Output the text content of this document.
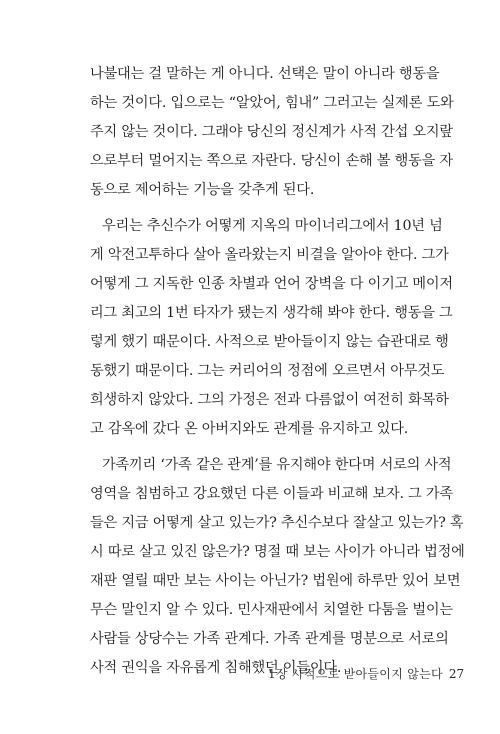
나불대는 걸 말하는 게 아니다. 선택은 말이 아니라 행동을
하는 것이다. 입으로는 “알았어, 힘내” 그러고는 실제론 도와
주지 않는 것이다. 그래야 당신의 정신계가 사적 간섭 오지랖
으로부터 멀어지는 쪽으로 자란다. 당신이 손해 볼 행동을 자
동으로 제어하는 기능을 갖추게 된다.
우리는 추신수가 어떻게 지옥의 마이너리그에서 10년 넘
게 악전고투하다 살아 올라왔는지 비결을 알아야 한다. 그가
어떻게 그 지독한 인종 차별과 언어 장벽을 다 이기고 메이저
리그 최고의 1번 타자가 됐는지 생각해 봐야 한다. 행동을 그
렇게 했기 때문이다. 사적으로 받아들이지 않는 습관대로 행
동했기 때문이다. 그는 커리어의 정점에 오르면서 아무것도
희생하지 않았다. 그의 가정은 전과 다름없이 여전히 화목하
고 감옥에 갔다 온 아버지와도 관계를 유지하고 있다.
가족끼리 ‘가족 같은 관계’를 유지해야 한다며 서로의 사적
영역을 침범하고 강요했던 다른 이들과 비교해 보자. 그 가족
들은 지금 어떻게 살고 있는가? 추신수보다 잘살고 있는가? 혹
시 따로 살고 있진 않은가? 명절 때 보는 사이가 아니라 법정에
재판 열릴 때만 보는 사이는 아닌가? 법원에 하루만 있어 보면
무슨 말인지 알 수 있다. 민사재판에서 치열한 다툼을 벌이는
사람들 상당수는 가족 관계다. 가족 관계를 명분으로 서로의
사적 권익을 자유롭게 침해했던 이들이다.
1장 사적으로 받아들이지 않는다 27
